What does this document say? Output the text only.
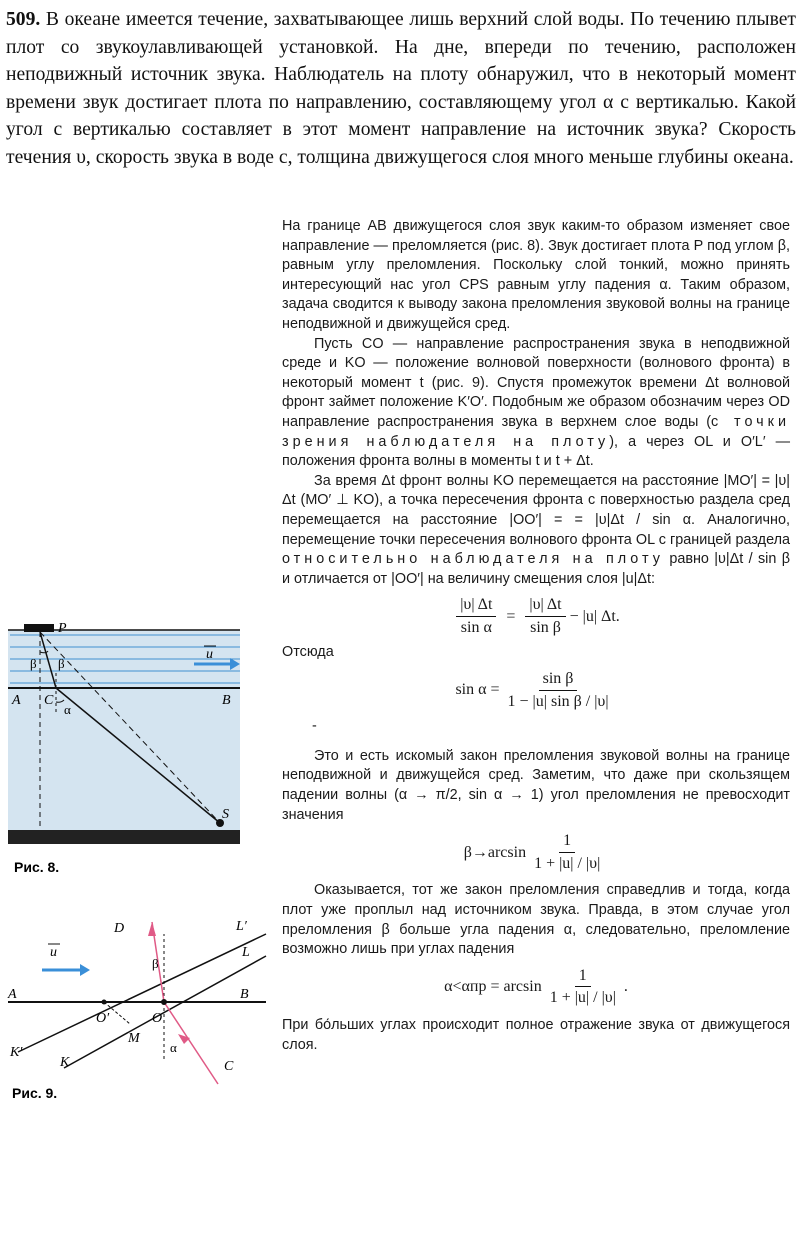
509. В океане имеется течение, захватывающее лишь верхний слой воды. По течению плывет плот со звукоулавливающей установкой. На дне, впереди по течению, расположен неподвижный источник звука. Наблюдатель на плоту обнаружил, что в некоторый момент времени звук достигает плота по направлению, составляющему угол α с вертикалью. Какой угол с вертикалью составляет в этот момент направление на источник звука? Скорость течения υ, скорость звука в воде c, толщина движущегося слоя много меньше глубины океана.

На границе AB движущегося слоя звук каким-то образом изменяет свое направление — преломляется (рис. 8). Звук достигает плота P под углом β, равным углу преломления. Поскольку слой тонкий, можно принять интересующий нас угол CPS равным углу падения α. Таким образом, задача сводится к выводу закона преломления звуковой волны на границе неподвижной и движущейся сред.

Пусть CO — направление распространения звука в неподвижной среде и KO — положение волновой поверхности (волнового фронта) в некоторый момент t (рис. 9). Спустя промежуток времени Δt волновой фронт займет положение K′O′. Подобным же образом обозначим через OD направление распространения звука в верхнем слое воды (с точки зрения наблюдателя на плоту), а через OL и O′L′ — положения фронта волны в моменты t и t + Δt.

За время Δt фронт волны KO перемещается на расстояние |MO′| = |υ|Δt (MO′ ⊥ KO), а точка пересечения фронта с поверхностью раздела сред перемещается на расстояние |OO′| = = |υ|Δt / sin α. Аналогично, перемещение точки пересечения волнового фронта OL с границей раздела относительно наблюдателя на плоту равно |υ|Δt / sin β и отличается от |OO′| на величину смещения слоя |u|Δt:

$\frac{|\upsilon| \Delta t}{\text{sin α}} = \frac{|\upsilon| \Delta t}{\text{sin β}} - |u|$ Δt.

Отсюда

$\sin \alpha = \frac{\text{sin β}}{\text{1 − |u| sin β / |υ|}}$

-

Это и есть искомый закон преломления звуковой волны на границе неподвижной и движущейся сред. Заметим, что даже при скользящем падении волны (α → π/2, sin α → 1) угол преломления не превосходит значения

$\beta\to\arcsin \frac{1}{1 + |u| / |\upsilon|}$

Оказывается, тот же закон преломления справедлив и тогда, когда плот уже проплыл над источником звука. Правда, в этом случае угол преломления β больше угла падения α, следовательно, преломление возможно лишь при углах падения

$\alpha<\alpha пр = \arcsin \frac{1}{1 + |u| / |\upsilon|}$ .

При бо́льших углах происходит полное отражение звука от движущегося слоя.

P
β β
A C
α
B
S
u
Рис. 8.
D	L′
L
β
A	B
O′	O
M
α
K′
K	C
u
Рис. 9.
